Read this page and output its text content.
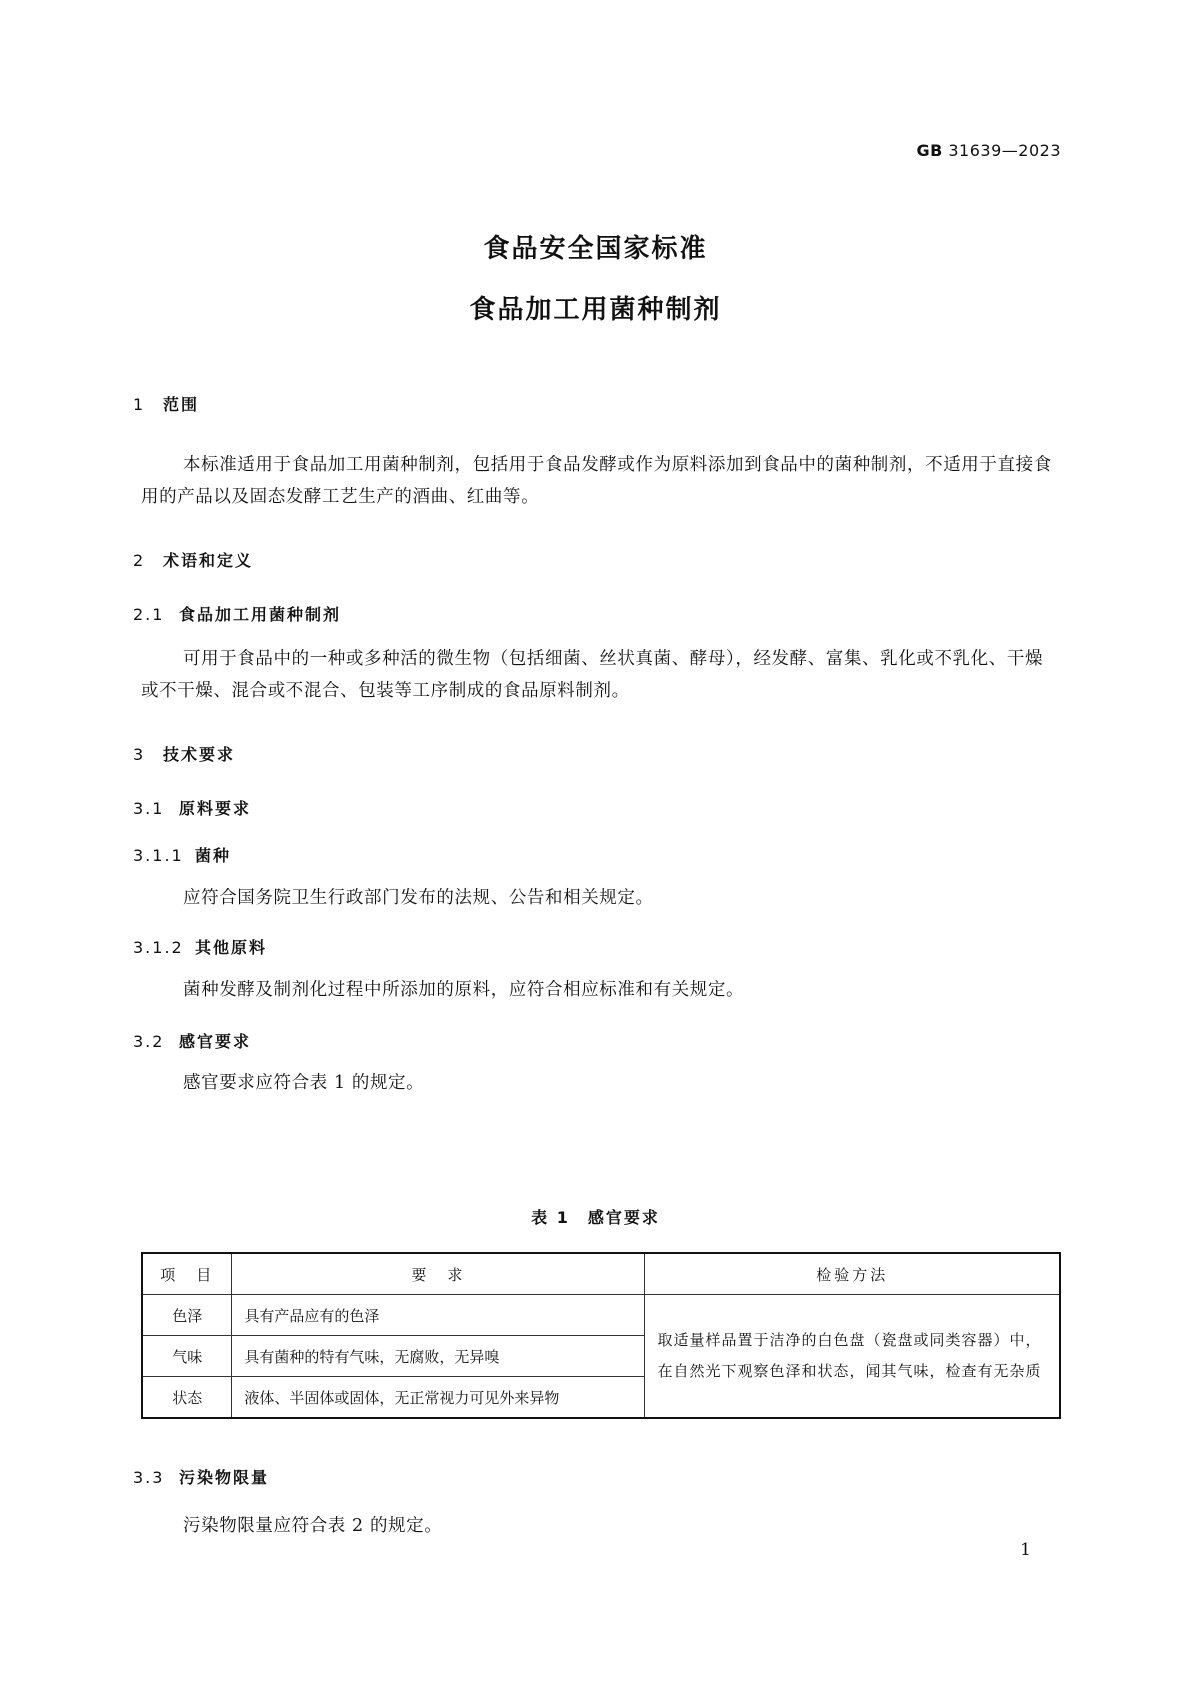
GB 31639—2023
食品安全国家标准
食品加工用菌种制剂
1 范围
本标准适用于食品加工用菌种制剂，包括用于食品发酵或作为原料添加到食品中的菌种制剂，不适用于直接食用的产品以及固态发酵工艺生产的酒曲、红曲等。
2 术语和定义
2.1 食品加工用菌种制剂
可用于食品中的一种或多种活的微生物（包括细菌、丝状真菌、酵母），经发酵、富集、乳化或不乳化、干燥或不干燥、混合或不混合、包装等工序制成的食品原料制剂。
3 技术要求
3.1 原料要求
3.1.1 菌种
应符合国务院卫生行政部门发布的法规、公告和相关规定。
3.1.2 其他原料
菌种发酵及制剂化过程中所添加的原料，应符合相应标准和有关规定。
3.2 感官要求
感官要求应符合表 1 的规定。
表 1　感官要求
项　目	要　求	检验方法
色泽	具有产品应有的色泽	取适量样品置于洁净的白色盘（瓷盘或同类容器）中，在自然光下观察色泽和状态，闻其气味，检查有无杂质
气味	具有菌种的特有气味，无腐败，无异嗅	
状态	液体、半固体或固体，无正常视力可见外来异物	
3.3 污染物限量
污染物限量应符合表 2 的规定。
1
